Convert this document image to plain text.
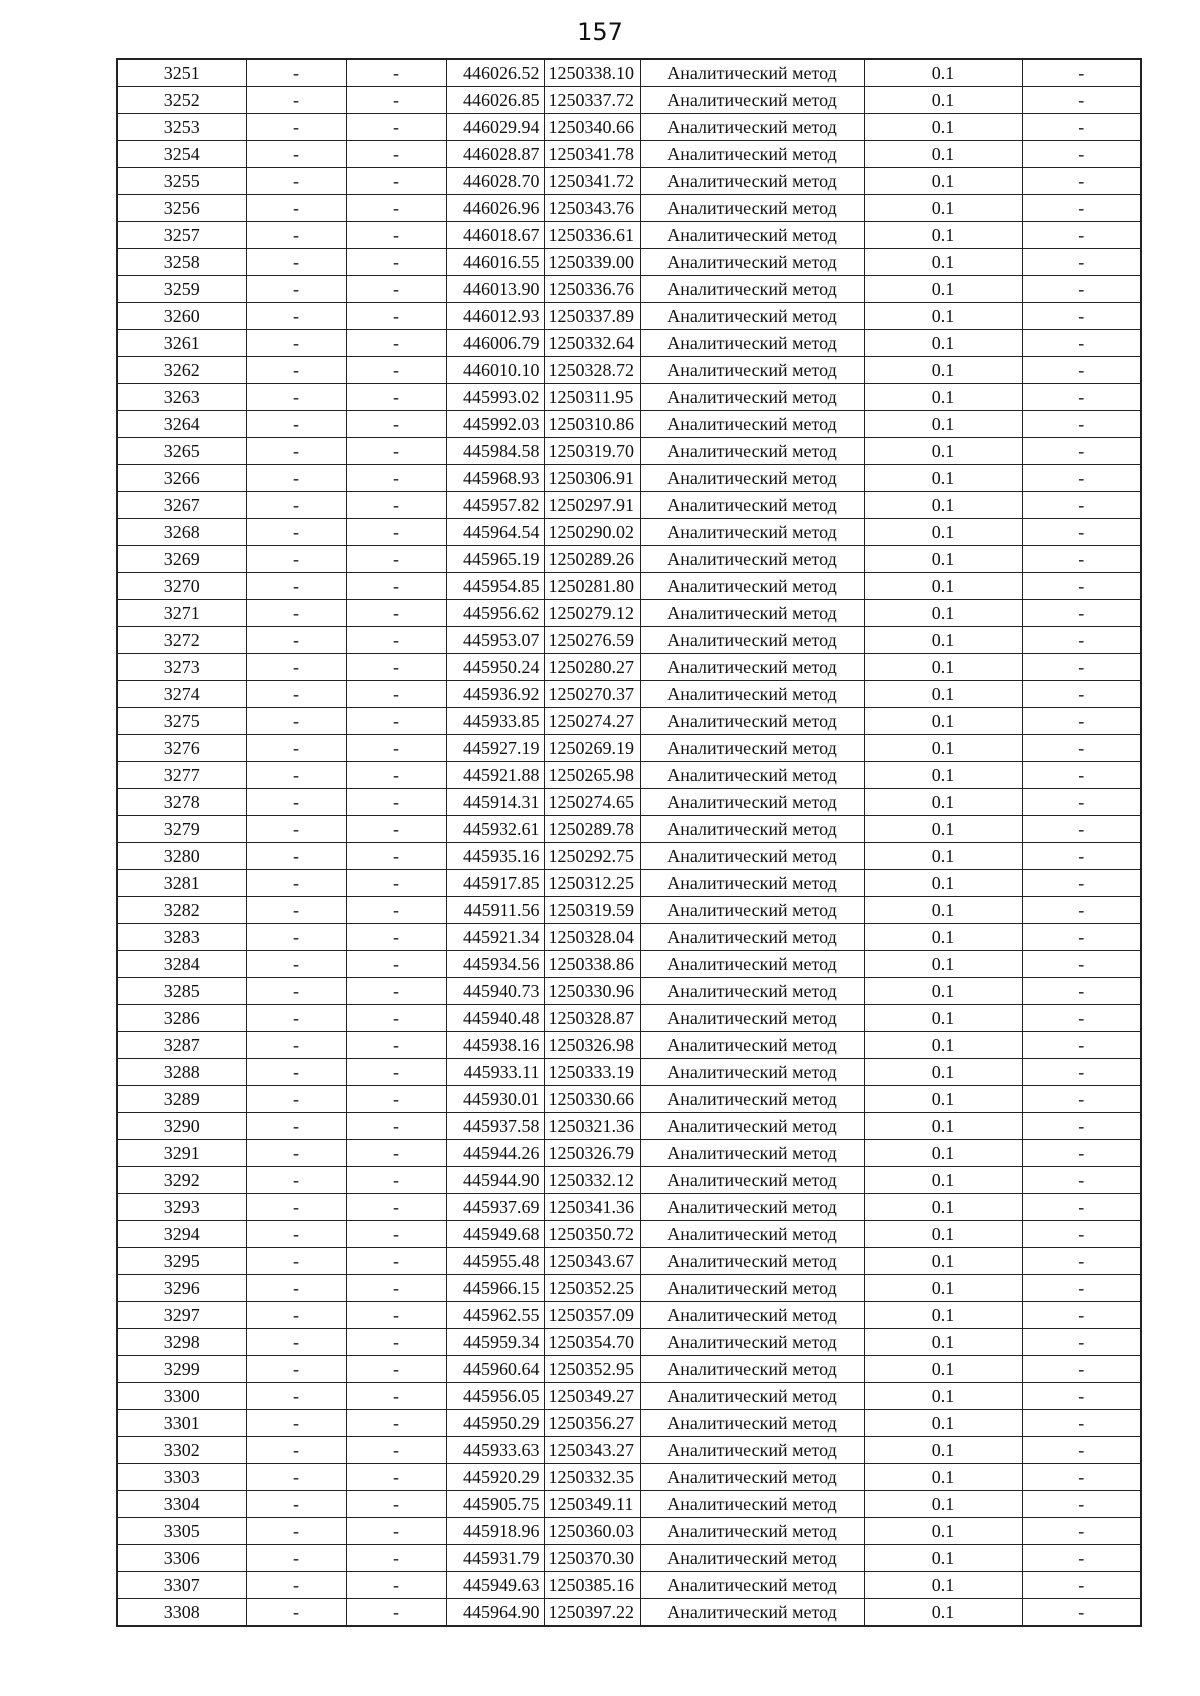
157
3251	-	-	446026.52	1250338.10	Аналитический метод	0.1	-
3252	-	-	446026.85	1250337.72	Аналитический метод	0.1	-
3253	-	-	446029.94	1250340.66	Аналитический метод	0.1	-
3254	-	-	446028.87	1250341.78	Аналитический метод	0.1	-
3255	-	-	446028.70	1250341.72	Аналитический метод	0.1	-
3256	-	-	446026.96	1250343.76	Аналитический метод	0.1	-
3257	-	-	446018.67	1250336.61	Аналитический метод	0.1	-
3258	-	-	446016.55	1250339.00	Аналитический метод	0.1	-
3259	-	-	446013.90	1250336.76	Аналитический метод	0.1	-
3260	-	-	446012.93	1250337.89	Аналитический метод	0.1	-
3261	-	-	446006.79	1250332.64	Аналитический метод	0.1	-
3262	-	-	446010.10	1250328.72	Аналитический метод	0.1	-
3263	-	-	445993.02	1250311.95	Аналитический метод	0.1	-
3264	-	-	445992.03	1250310.86	Аналитический метод	0.1	-
3265	-	-	445984.58	1250319.70	Аналитический метод	0.1	-
3266	-	-	445968.93	1250306.91	Аналитический метод	0.1	-
3267	-	-	445957.82	1250297.91	Аналитический метод	0.1	-
3268	-	-	445964.54	1250290.02	Аналитический метод	0.1	-
3269	-	-	445965.19	1250289.26	Аналитический метод	0.1	-
3270	-	-	445954.85	1250281.80	Аналитический метод	0.1	-
3271	-	-	445956.62	1250279.12	Аналитический метод	0.1	-
3272	-	-	445953.07	1250276.59	Аналитический метод	0.1	-
3273	-	-	445950.24	1250280.27	Аналитический метод	0.1	-
3274	-	-	445936.92	1250270.37	Аналитический метод	0.1	-
3275	-	-	445933.85	1250274.27	Аналитический метод	0.1	-
3276	-	-	445927.19	1250269.19	Аналитический метод	0.1	-
3277	-	-	445921.88	1250265.98	Аналитический метод	0.1	-
3278	-	-	445914.31	1250274.65	Аналитический метод	0.1	-
3279	-	-	445932.61	1250289.78	Аналитический метод	0.1	-
3280	-	-	445935.16	1250292.75	Аналитический метод	0.1	-
3281	-	-	445917.85	1250312.25	Аналитический метод	0.1	-
3282	-	-	445911.56	1250319.59	Аналитический метод	0.1	-
3283	-	-	445921.34	1250328.04	Аналитический метод	0.1	-
3284	-	-	445934.56	1250338.86	Аналитический метод	0.1	-
3285	-	-	445940.73	1250330.96	Аналитический метод	0.1	-
3286	-	-	445940.48	1250328.87	Аналитический метод	0.1	-
3287	-	-	445938.16	1250326.98	Аналитический метод	0.1	-
3288	-	-	445933.11	1250333.19	Аналитический метод	0.1	-
3289	-	-	445930.01	1250330.66	Аналитический метод	0.1	-
3290	-	-	445937.58	1250321.36	Аналитический метод	0.1	-
3291	-	-	445944.26	1250326.79	Аналитический метод	0.1	-
3292	-	-	445944.90	1250332.12	Аналитический метод	0.1	-
3293	-	-	445937.69	1250341.36	Аналитический метод	0.1	-
3294	-	-	445949.68	1250350.72	Аналитический метод	0.1	-
3295	-	-	445955.48	1250343.67	Аналитический метод	0.1	-
3296	-	-	445966.15	1250352.25	Аналитический метод	0.1	-
3297	-	-	445962.55	1250357.09	Аналитический метод	0.1	-
3298	-	-	445959.34	1250354.70	Аналитический метод	0.1	-
3299	-	-	445960.64	1250352.95	Аналитический метод	0.1	-
3300	-	-	445956.05	1250349.27	Аналитический метод	0.1	-
3301	-	-	445950.29	1250356.27	Аналитический метод	0.1	-
3302	-	-	445933.63	1250343.27	Аналитический метод	0.1	-
3303	-	-	445920.29	1250332.35	Аналитический метод	0.1	-
3304	-	-	445905.75	1250349.11	Аналитический метод	0.1	-
3305	-	-	445918.96	1250360.03	Аналитический метод	0.1	-
3306	-	-	445931.79	1250370.30	Аналитический метод	0.1	-
3307	-	-	445949.63	1250385.16	Аналитический метод	0.1	-
3308	-	-	445964.90	1250397.22	Аналитический метод	0.1	-
